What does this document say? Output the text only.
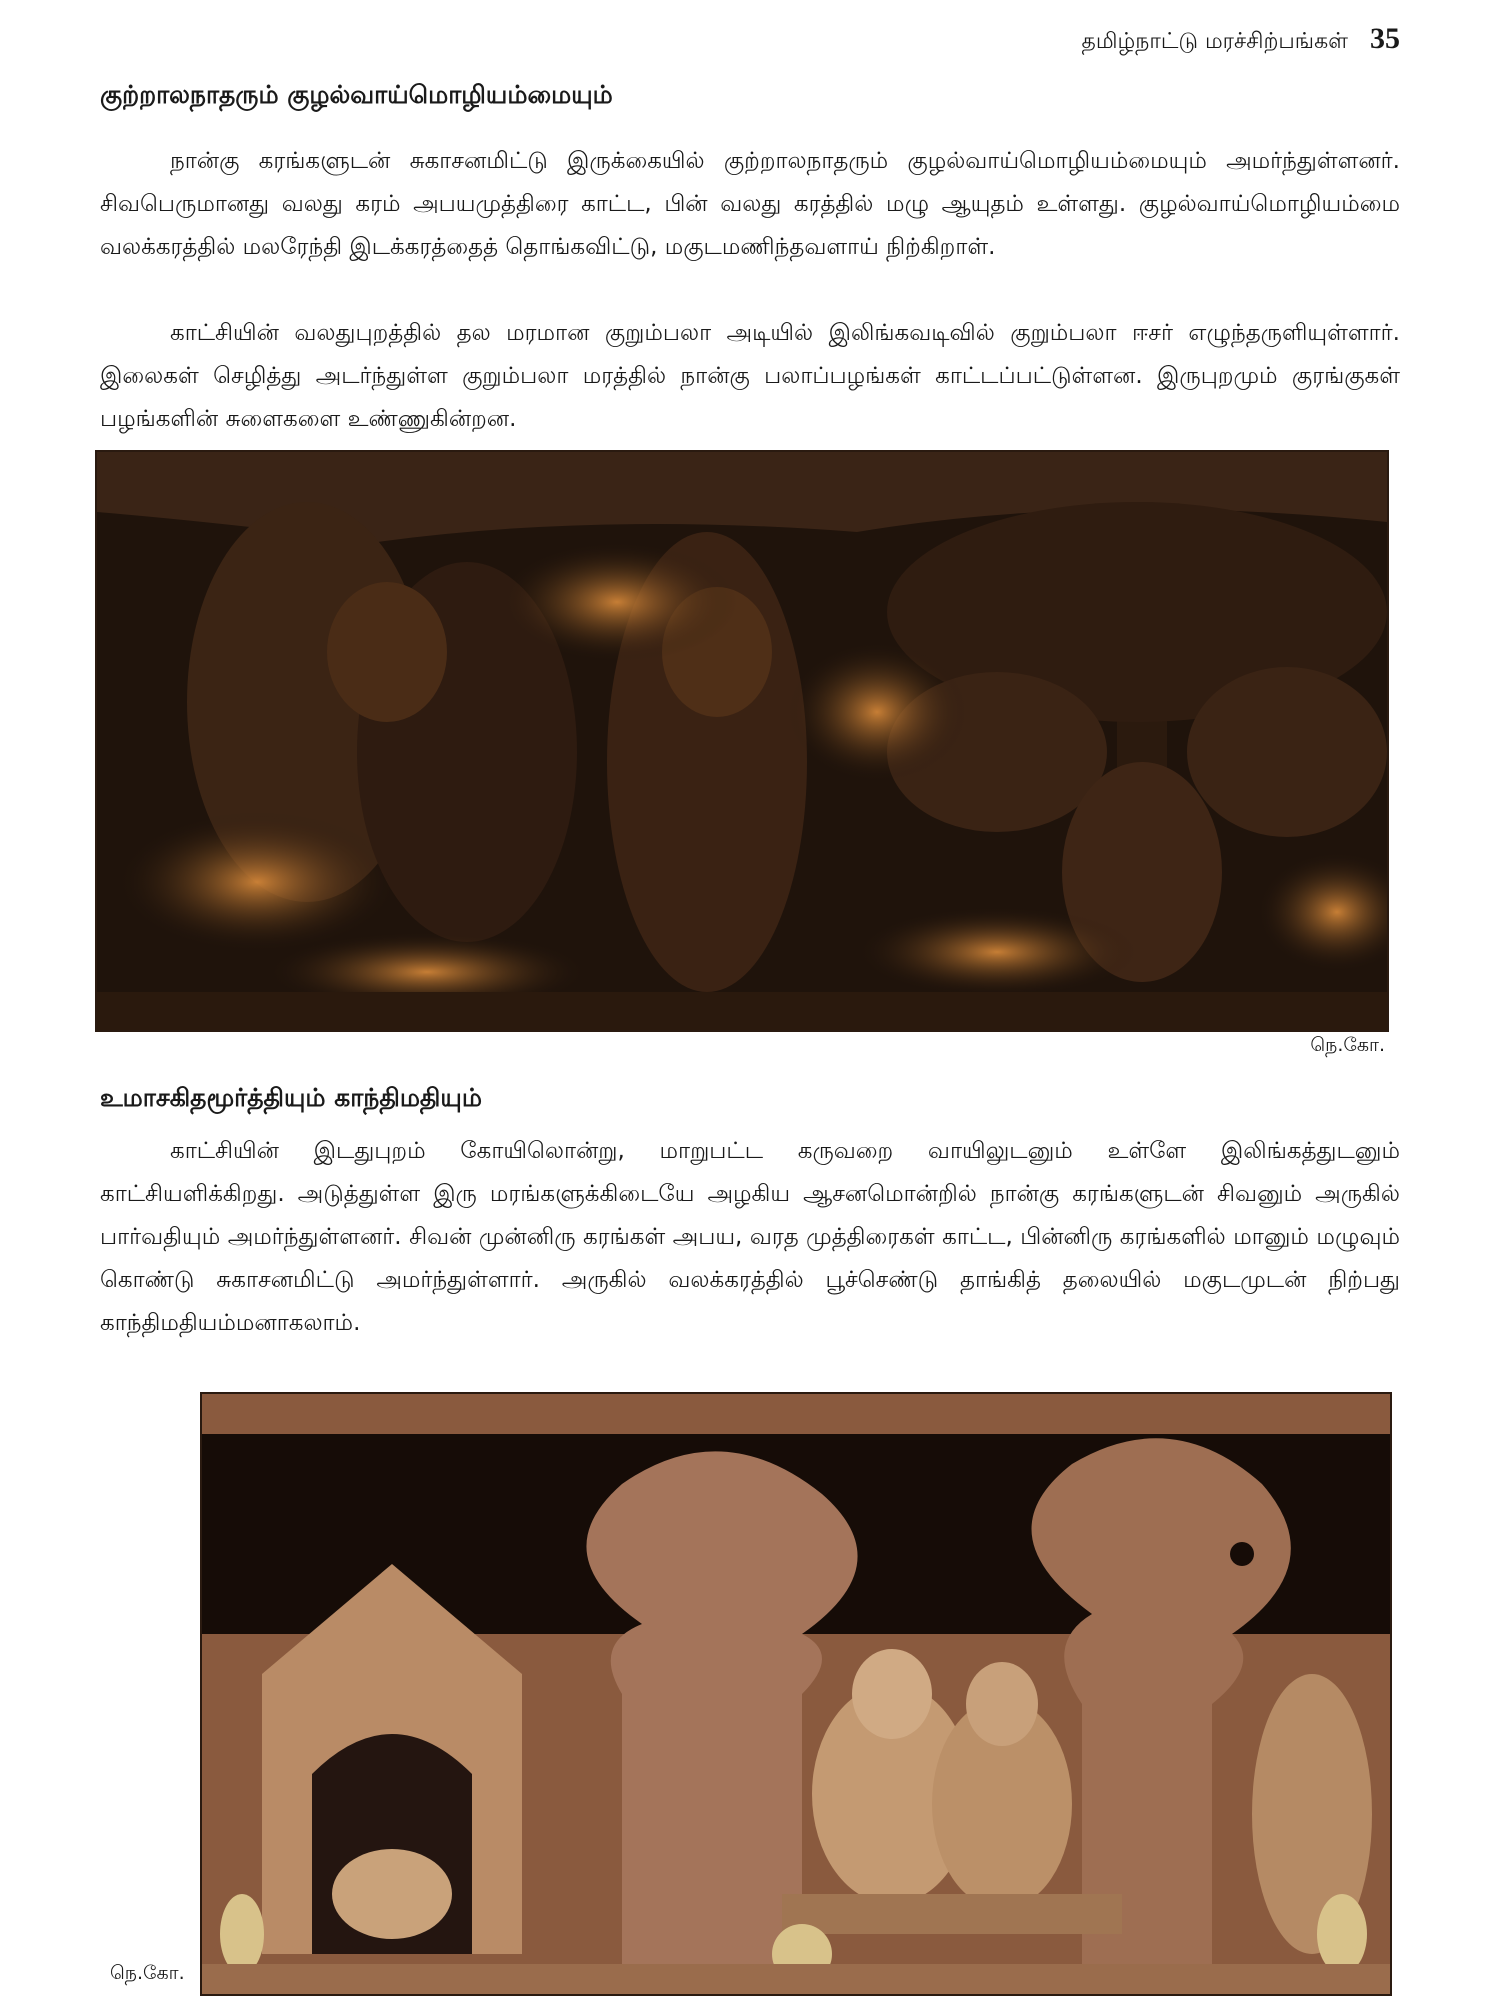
தமிழ்நாட்டு மரச்சிற்பங்கள் 35
குற்றாலநாதரும் குழல்வாய்மொழியம்மையும்

நான்கு கரங்களுடன் சுகாசனமிட்டு இருக்கையில் குற்றாலநாதரும் குழல்வாய்மொழியம்மையும் அமர்ந்துள்ளனர். சிவபெருமானது வலது கரம் அபயமுத்திரை காட்ட, பின் வலது கரத்தில் மழு ஆயுதம் உள்ளது. குழல்வாய்மொழியம்மை வலக்கரத்தில் மலரேந்தி இடக்கரத்தைத் தொங்கவிட்டு, மகுடமணிந்தவளாய் நிற்கிறாள்.

காட்சியின் வலதுபுறத்தில் தல மரமான குறும்பலா அடியில் இலிங்கவடிவில் குறும்பலா ஈசர் எழுந்தருளியுள்ளார். இலைகள் செழித்து அடர்ந்துள்ள குறும்பலா மரத்தில் நான்கு பலாப்பழங்கள் காட்டப்பட்டுள்ளன. இருபுறமும் குரங்குகள் பழங்களின் சுளைகளை உண்ணுகின்றன.

நெ.கோ.
உமாசகிதமூர்த்தியும் காந்திமதியும்

காட்சியின் இடதுபுறம் கோயிலொன்று, மாறுபட்ட கருவறை வாயிலுடனும் உள்ளே இலிங்கத்துடனும் காட்சியளிக்கிறது. அடுத்துள்ள இரு மரங்களுக்கிடையே அழகிய ஆசனமொன்றில் நான்கு கரங்களுடன் சிவனும் அருகில் பார்வதியும் அமர்ந்துள்ளனர். சிவன் முன்னிரு கரங்கள் அபய, வரத முத்திரைகள் காட்ட, பின்னிரு கரங்களில் மானும் மழுவும் கொண்டு சுகாசனமிட்டு அமர்ந்துள்ளார். அருகில் வலக்கரத்தில் பூச்செண்டு தாங்கித் தலையில் மகுடமுடன் நிற்பது காந்திமதியம்மனாகலாம்.

நெ.கோ.
